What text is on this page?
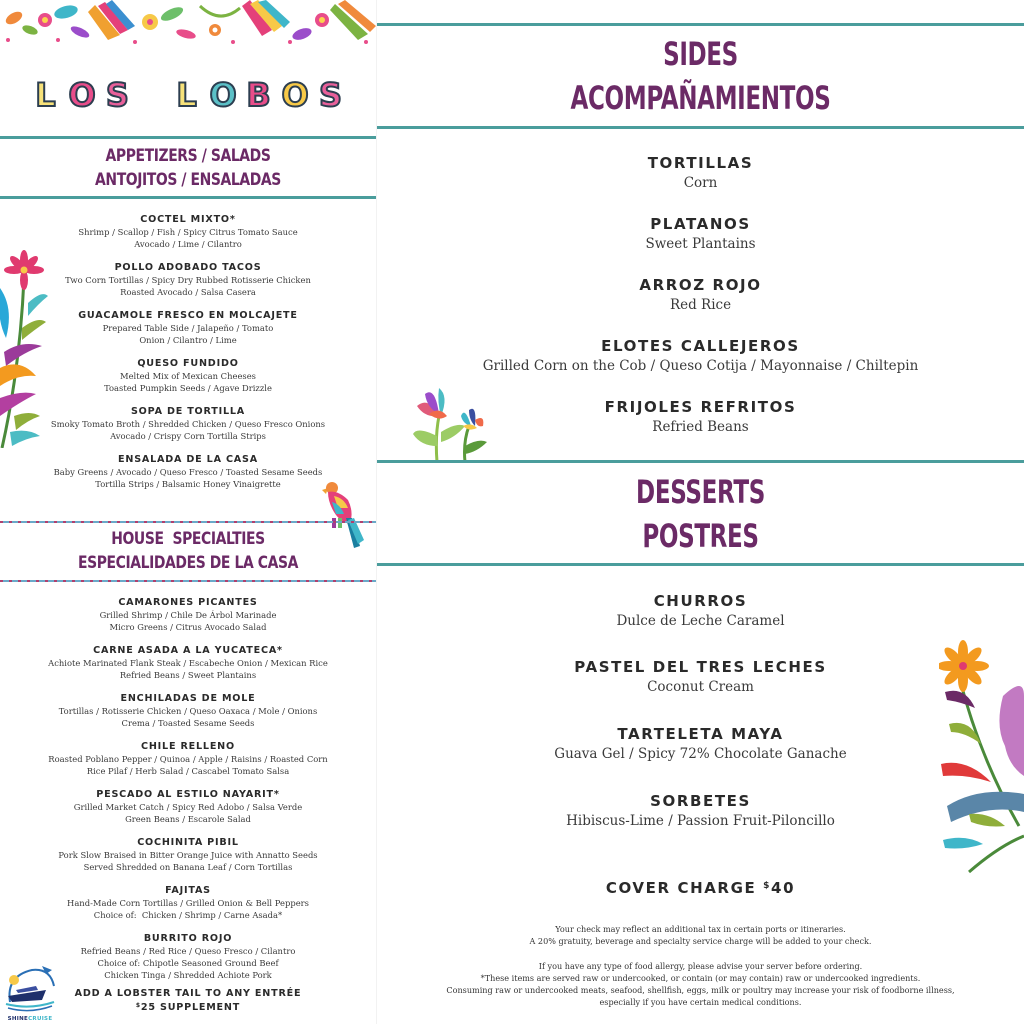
L O S L O B O S
APPETIZERS / SALADS
ANTOJITOS / ENSALADAS
COCTEL MIXTO*
Shrimp / Scallop / Fish / Spicy Citrus Tomato Sauce
Avocado / Lime / Cilantro
POLLO ADOBADO TACOS
Two Corn Tortillas / Spicy Dry Rubbed Rotisserie Chicken
Roasted Avocado / Salsa Casera
GUACAMOLE FRESCO EN MOLCAJETE
Prepared Table Side / Jalapeño / Tomato
Onion / Cilantro / Lime
QUESO FUNDIDO
Melted Mix of Mexican Cheeses
Toasted Pumpkin Seeds / Agave Drizzle
SOPA DE TORTILLA
Smoky Tomato Broth / Shredded Chicken / Queso Fresco Onions
Avocado / Crispy Corn Tortilla Strips
ENSALADA DE LA CASA
Baby Greens / Avocado / Queso Fresco / Toasted Sesame Seeds
Tortilla Strips / Balsamic Honey Vinaigrette
HOUSE  SPECIALTIES
ESPECIALIDADES DE LA CASA
CAMARONES PICANTES
Grilled Shrimp / Chile De Árbol Marinade
Micro Greens / Citrus Avocado Salad
CARNE ASADA A LA YUCATECA*
Achiote Marinated Flank Steak / Escabeche Onion / Mexican Rice
Refried Beans / Sweet Plantains
ENCHILADAS DE MOLE
Tortillas / Rotisserie Chicken / Queso Oaxaca / Mole / Onions
Crema / Toasted Sesame Seeds
CHILE RELLENO
Roasted Poblano Pepper / Quinoa / Apple / Raisins / Roasted Corn
Rice Pilaf / Herb Salad / Cascabel Tomato Salsa
PESCADO AL ESTILO NAYARIT*
Grilled Market Catch / Spicy Red Adobo / Salsa Verde
Green Beans / Escarole Salad
COCHINITA PIBIL
Pork Slow Braised in Bitter Orange Juice with Annatto Seeds
Served Shredded on Banana Leaf / Corn Tortillas
FAJITAS
Hand-Made Corn Tortillas / Grilled Onion & Bell Peppers
Choice of:  Chicken / Shrimp / Carne Asada*
BURRITO ROJO
Refried Beans / Red Rice / Queso Fresco / Cilantro
Choice of: Chipotle Seasoned Ground Beef
Chicken Tinga / Shredded Achiote Pork
ADD A LOBSTER TAIL TO ANY ENTRÉE
$25 SUPPLEMENT
SHINECRUISE
SIDES
ACOMPAÑAMIENTOS
TORTILLAS
Corn
PLATANOS
Sweet Plantains
ARROZ ROJO
Red Rice
ELOTES CALLEJEROS
Grilled Corn on the Cob / Queso Cotija / Mayonnaise / Chiltepin
FRIJOLES REFRITOS
Refried Beans
DESSERTS
POSTRES
CHURROS
Dulce de Leche Caramel
PASTEL DEL TRES LECHES
Coconut Cream
TARTELETA MAYA
Guava Gel / Spicy 72% Chocolate Ganache
SORBETES
Hibiscus-Lime / Passion Fruit-Piloncillo
COVER CHARGE $40
Your check may reflect an additional tax in certain ports or itineraries.
A 20% gratuity, beverage and specialty service charge will be added to your check.
If you have any type of food allergy, please advise your server before ordering.
*These items are served raw or undercooked, or contain (or may contain) raw or undercooked ingredients.
Consuming raw or undercooked meats, seafood, shellfish, eggs, milk or poultry may increase your risk of foodborne illness,
especially if you have certain medical conditions.
